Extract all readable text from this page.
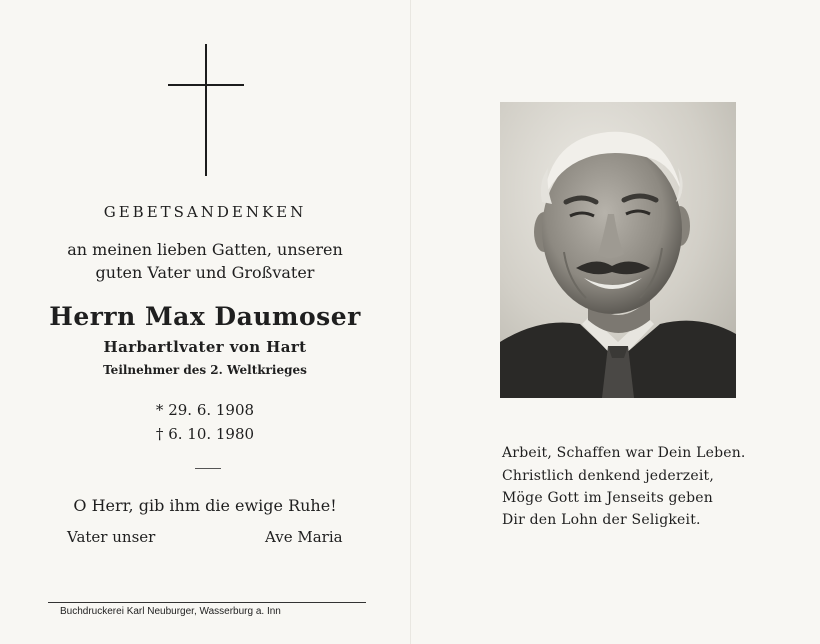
GEBETSANDENKEN
an meinen lieben Gatten, unseren
guten Vater und Großvater
Herrn Max Daumoser
Harbartlvater von Hart
Teilnehmer des 2. Weltkrieges
* 29. 6. 1908
† 6. 10. 1980
O Herr, gib ihm die ewige Ruhe!
Vater unser	Ave Maria
Buchdruckerei Karl Neuburger, Wasserburg a. Inn
Arbeit, Schaffen war Dein Leben.
Christlich denkend jederzeit,
Möge Gott im Jenseits geben
Dir den Lohn der Seligkeit.
